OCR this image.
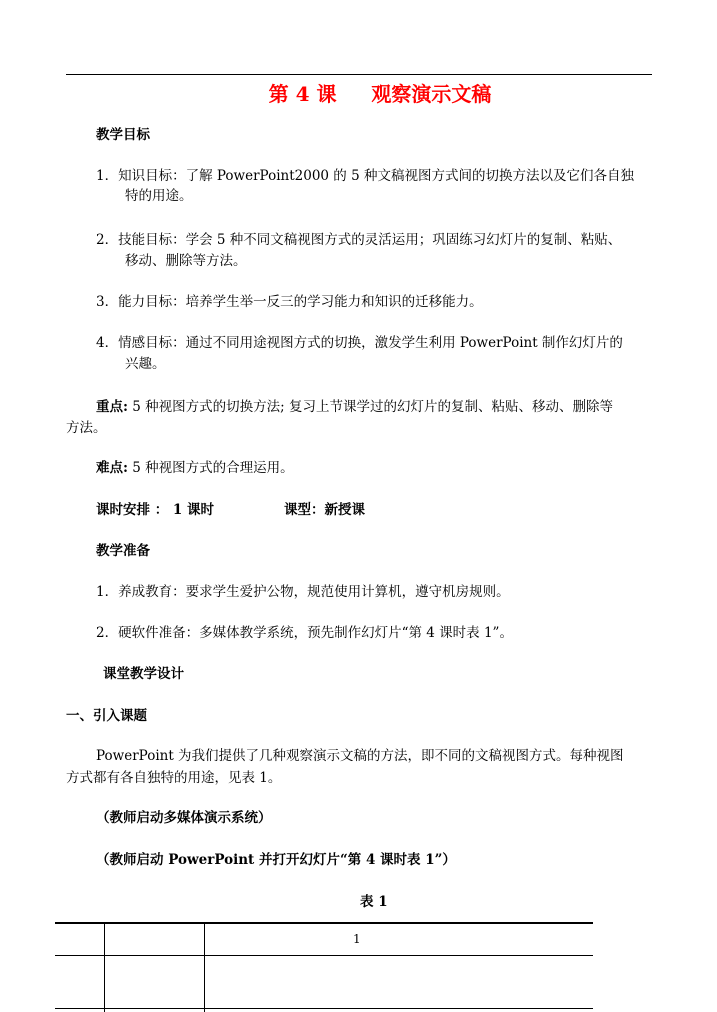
第 4 课     观察演示文稿
教学目标
1．知识目标：了解 PowerPoint2000 的 5 种文稿视图方式间的切换方法以及它们各自独
特的用途。
2．技能目标：学会 5 种不同文稿视图方式的灵活运用；巩固练习幻灯片的复制、粘贴、
移动、删除等方法。
3．能力目标：培养学生举一反三的学习能力和知识的迁移能力。
4．情感目标：通过不同用途视图方式的切换，激发学生利用 PowerPoint 制作幻灯片的
兴趣。
重点: 5 种视图方式的切换方法; 复习上节课学过的幻灯片的复制、粘贴、移动、删除等
方法。
难点: 5 种视图方式的合理运用。
课时安排 ： 1 课时	课型：新授课
教学准备
1．养成教育：要求学生爱护公物，规范使用计算机，遵守机房规则。
2．硬软件准备：多媒体教学系统，预先制作幻灯片“第 4 课时表 1”。
课堂教学设计
一、引入课题
PowerPoint 为我们提供了几种观察演示文稿的方法，即不同的文稿视图方式。每种视图
方式都有各自独特的用途，见表 1。
（教师启动多媒体演示系统）
（教师启动 PowerPoint 并打开幻灯片“第 4 课时表 1”）
表 1
1
